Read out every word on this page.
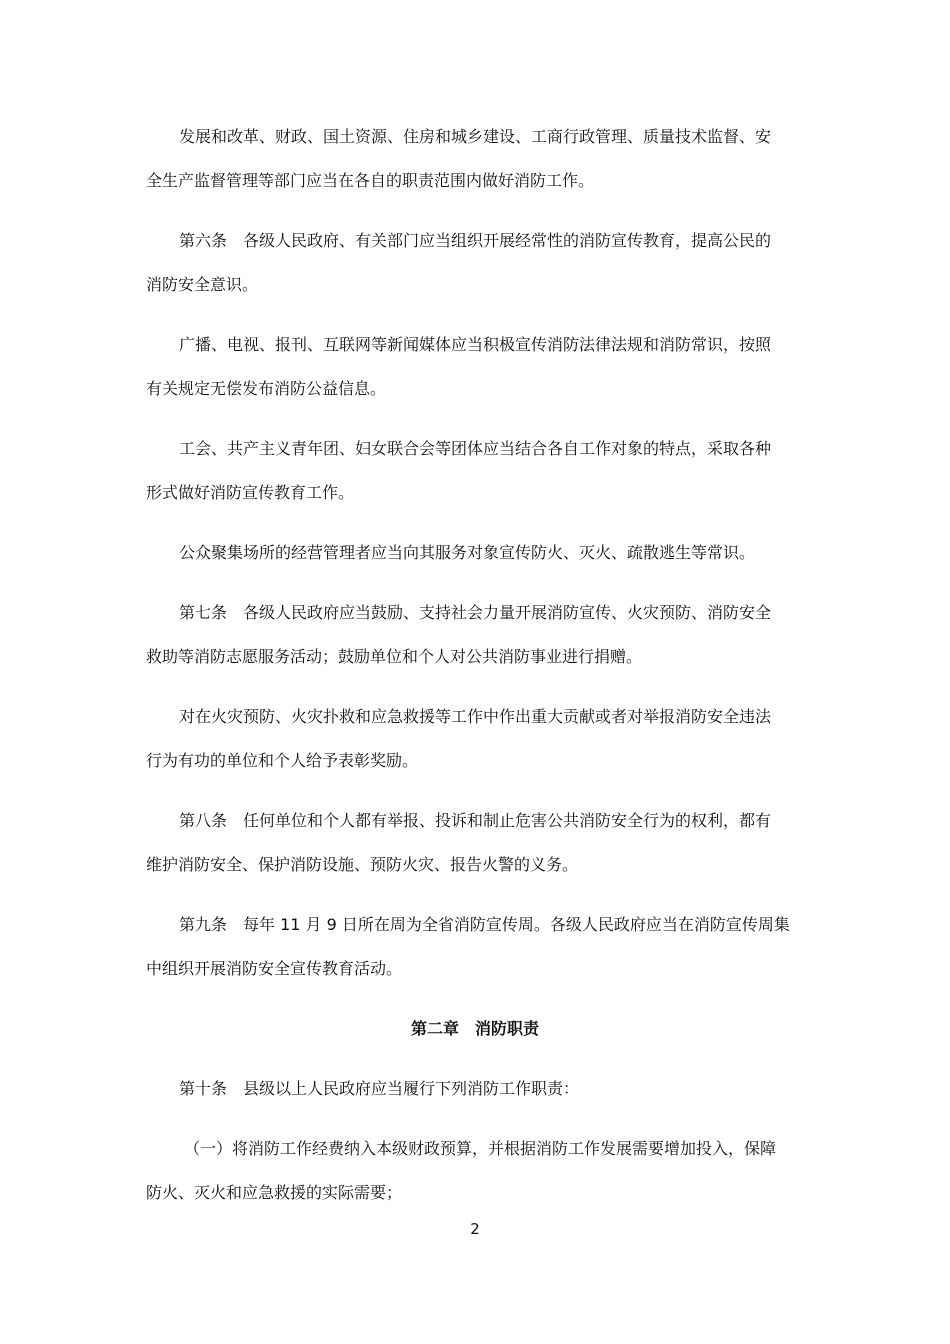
发展和改革、财政、国土资源、住房和城乡建设、工商行政管理、质量技术监督、安
全生产监督管理等部门应当在各自的职责范围内做好消防工作。
第六条　各级人民政府、有关部门应当组织开展经常性的消防宣传教育，提高公民的
消防安全意识。
广播、电视、报刊、互联网等新闻媒体应当积极宣传消防法律法规和消防常识，按照
有关规定无偿发布消防公益信息。
工会、共产主义青年团、妇女联合会等团体应当结合各自工作对象的特点，采取各种
形式做好消防宣传教育工作。
公众聚集场所的经营管理者应当向其服务对象宣传防火、灭火、疏散逃生等常识。
第七条　各级人民政府应当鼓励、支持社会力量开展消防宣传、火灾预防、消防安全
救助等消防志愿服务活动；鼓励单位和个人对公共消防事业进行捐赠。
对在火灾预防、火灾扑救和应急救援等工作中作出重大贡献或者对举报消防安全违法
行为有功的单位和个人给予表彰奖励。
第八条　任何单位和个人都有举报、投诉和制止危害公共消防安全行为的权利，都有
维护消防安全、保护消防设施、预防火灾、报告火警的义务。
第九条　每年 11 月 9 日所在周为全省消防宣传周。各级人民政府应当在消防宣传周集
中组织开展消防安全宣传教育活动。
第二章　消防职责
第十条　县级以上人民政府应当履行下列消防工作职责：
（一）将消防工作经费纳入本级财政预算，并根据消防工作发展需要增加投入，保障
防火、灭火和应急救援的实际需要；
2
